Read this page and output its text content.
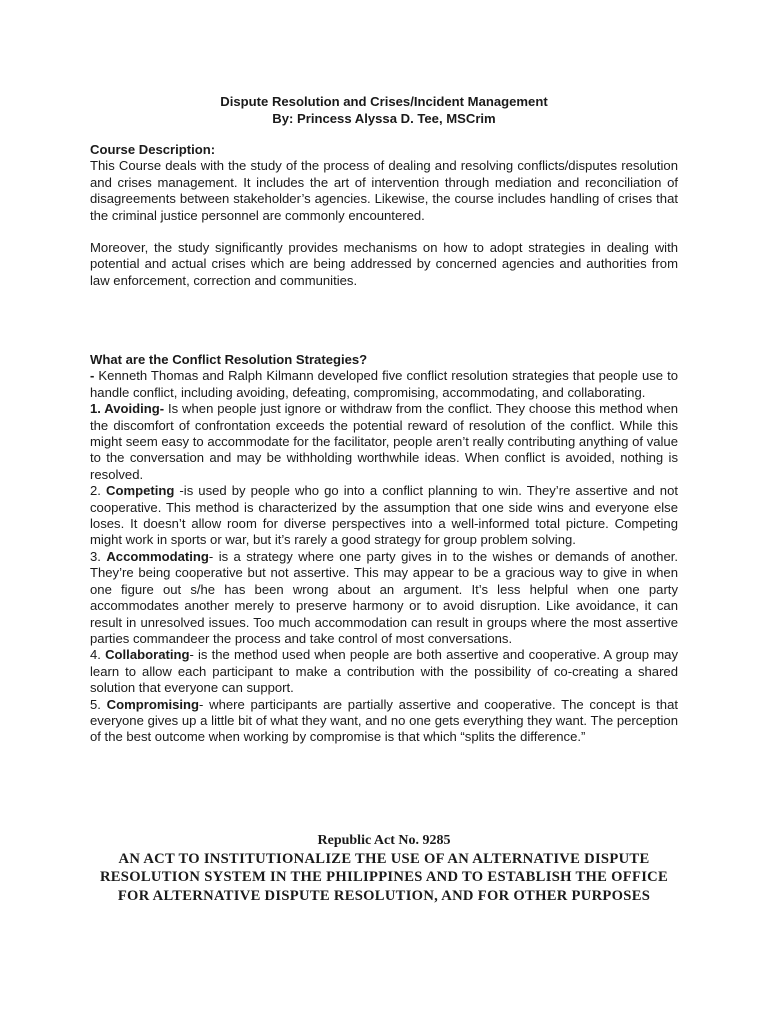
Dispute Resolution and Crises/Incident Management
By: Princess Alyssa D. Tee, MSCrim

Course Description:

This Course deals with the study of the process of dealing and resolving conflicts/disputes resolution and crises management. It includes the art of intervention through mediation and reconciliation of disagreements between stakeholder’s agencies. Likewise, the course includes handling of crises that the criminal justice personnel are commonly encountered.

Moreover, the study significantly provides mechanisms on how to adopt strategies in dealing with potential and actual crises which are being addressed by concerned agencies and authorities from law enforcement, correction and communities.

What are the Conflict Resolution Strategies?

- Kenneth Thomas and Ralph Kilmann developed five conflict resolution strategies that people use to handle conflict, including avoiding, defeating, compromising, accommodating, and collaborating.

1. Avoiding- Is when people just ignore or withdraw from the conflict. They choose this method when the discomfort of confrontation exceeds the potential reward of resolution of the conflict. While this might seem easy to accommodate for the facilitator, people aren’t really contributing anything of value to the conversation and may be withholding worthwhile ideas. When conflict is avoided, nothing is resolved.

2. Competing -is used by people who go into a conflict planning to win. They’re assertive and not cooperative. This method is characterized by the assumption that one side wins and everyone else loses. It doesn’t allow room for diverse perspectives into a well-informed total picture. Competing might work in sports or war, but it’s rarely a good strategy for group problem solving.

3. Accommodating- is a strategy where one party gives in to the wishes or demands of another. They’re being cooperative but not assertive. This may appear to be a gracious way to give in when one figure out s/he has been wrong about an argument. It’s less helpful when one party accommodates another merely to preserve harmony or to avoid disruption. Like avoidance, it can result in unresolved issues. Too much accommodation can result in groups where the most assertive parties commandeer the process and take control of most conversations.

4. Collaborating- is the method used when people are both assertive and cooperative. A group may learn to allow each participant to make a contribution with the possibility of co-creating a shared solution that everyone can support.

5. Compromising- where participants are partially assertive and cooperative. The concept is that everyone gives up a little bit of what they want, and no one gets everything they want. The perception of the best outcome when working by compromise is that which “splits the difference.”

Republic Act No. 9285
AN ACT TO INSTITUTIONALIZE THE USE OF AN ALTERNATIVE DISPUTE RESOLUTION SYSTEM IN THE PHILIPPINES AND TO ESTABLISH THE OFFICE FOR ALTERNATIVE DISPUTE RESOLUTION, AND FOR OTHER PURPOSES
